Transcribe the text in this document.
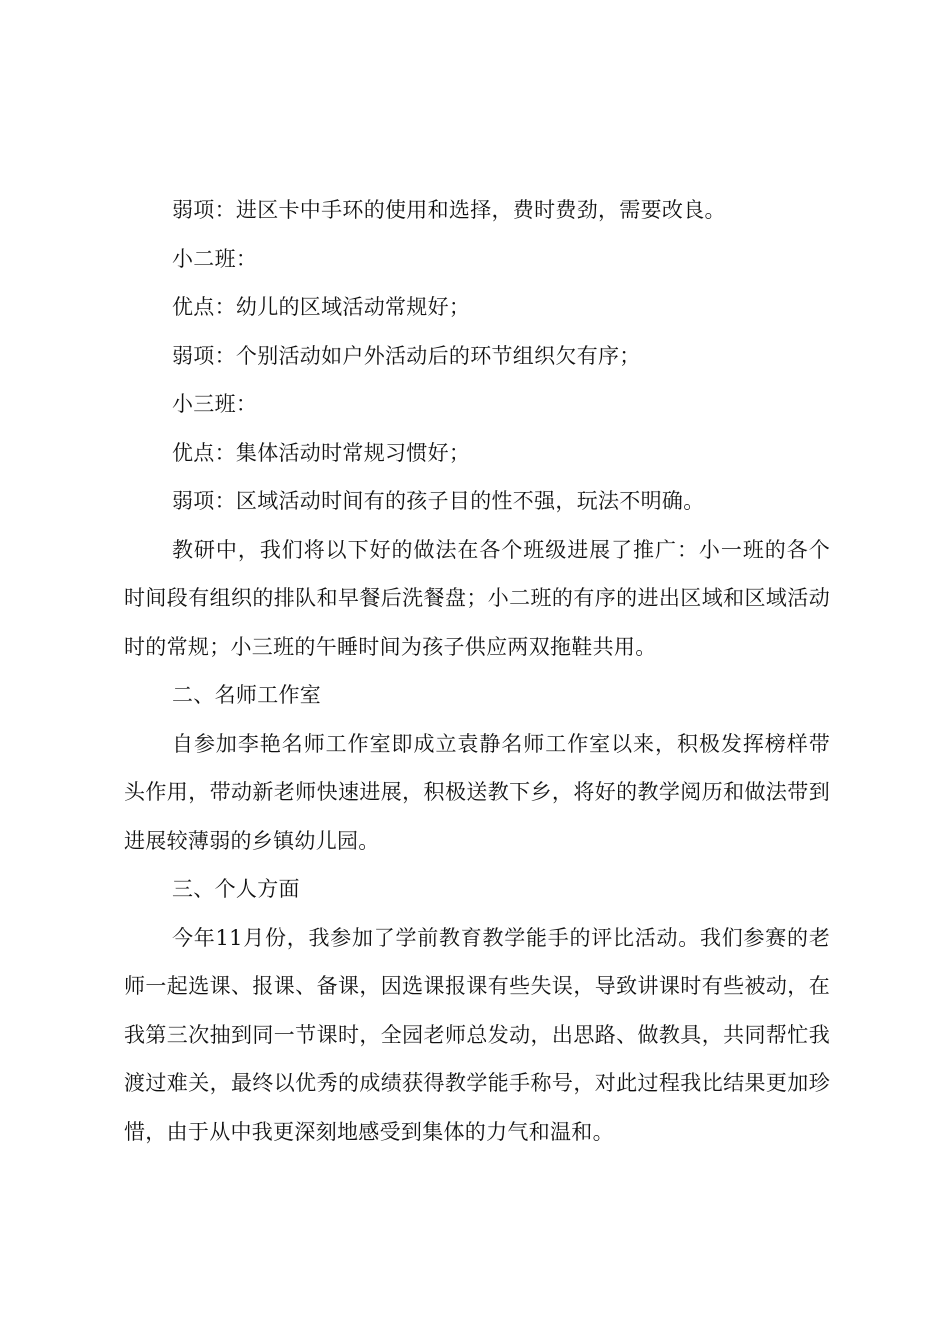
弱项：进区卡中手环的使用和选择，费时费劲，需要改良。

小二班：

优点：幼儿的区域活动常规好；

弱项：个别活动如户外活动后的环节组织欠有序；

小三班：

优点：集体活动时常规习惯好；

弱项：区域活动时间有的孩子目的性不强，玩法不明确。

教研中，我们将以下好的做法在各个班级进展了推广：小一班的各个时间段有组织的排队和早餐后洗餐盘；小二班的有序的进出区域和区域活动时的常规；小三班的午睡时间为孩子供应两双拖鞋共用。

二、名师工作室

自参加李艳名师工作室即成立袁静名师工作室以来，积极发挥榜样带头作用，带动新老师快速进展，积极送教下乡，将好的教学阅历和做法带到进展较薄弱的乡镇幼儿园。

三、个人方面

今年11月份，我参加了学前教育教学能手的评比活动。我们参赛的老师一起选课、报课、备课，因选课报课有些失误，导致讲课时有些被动，在我第三次抽到同一节课时，全园老师总发动，出思路、做教具，共同帮忙我渡过难关，最终以优秀的成绩获得教学能手称号，对此过程我比结果更加珍惜，由于从中我更深刻地感受到集体的力气和温和。
